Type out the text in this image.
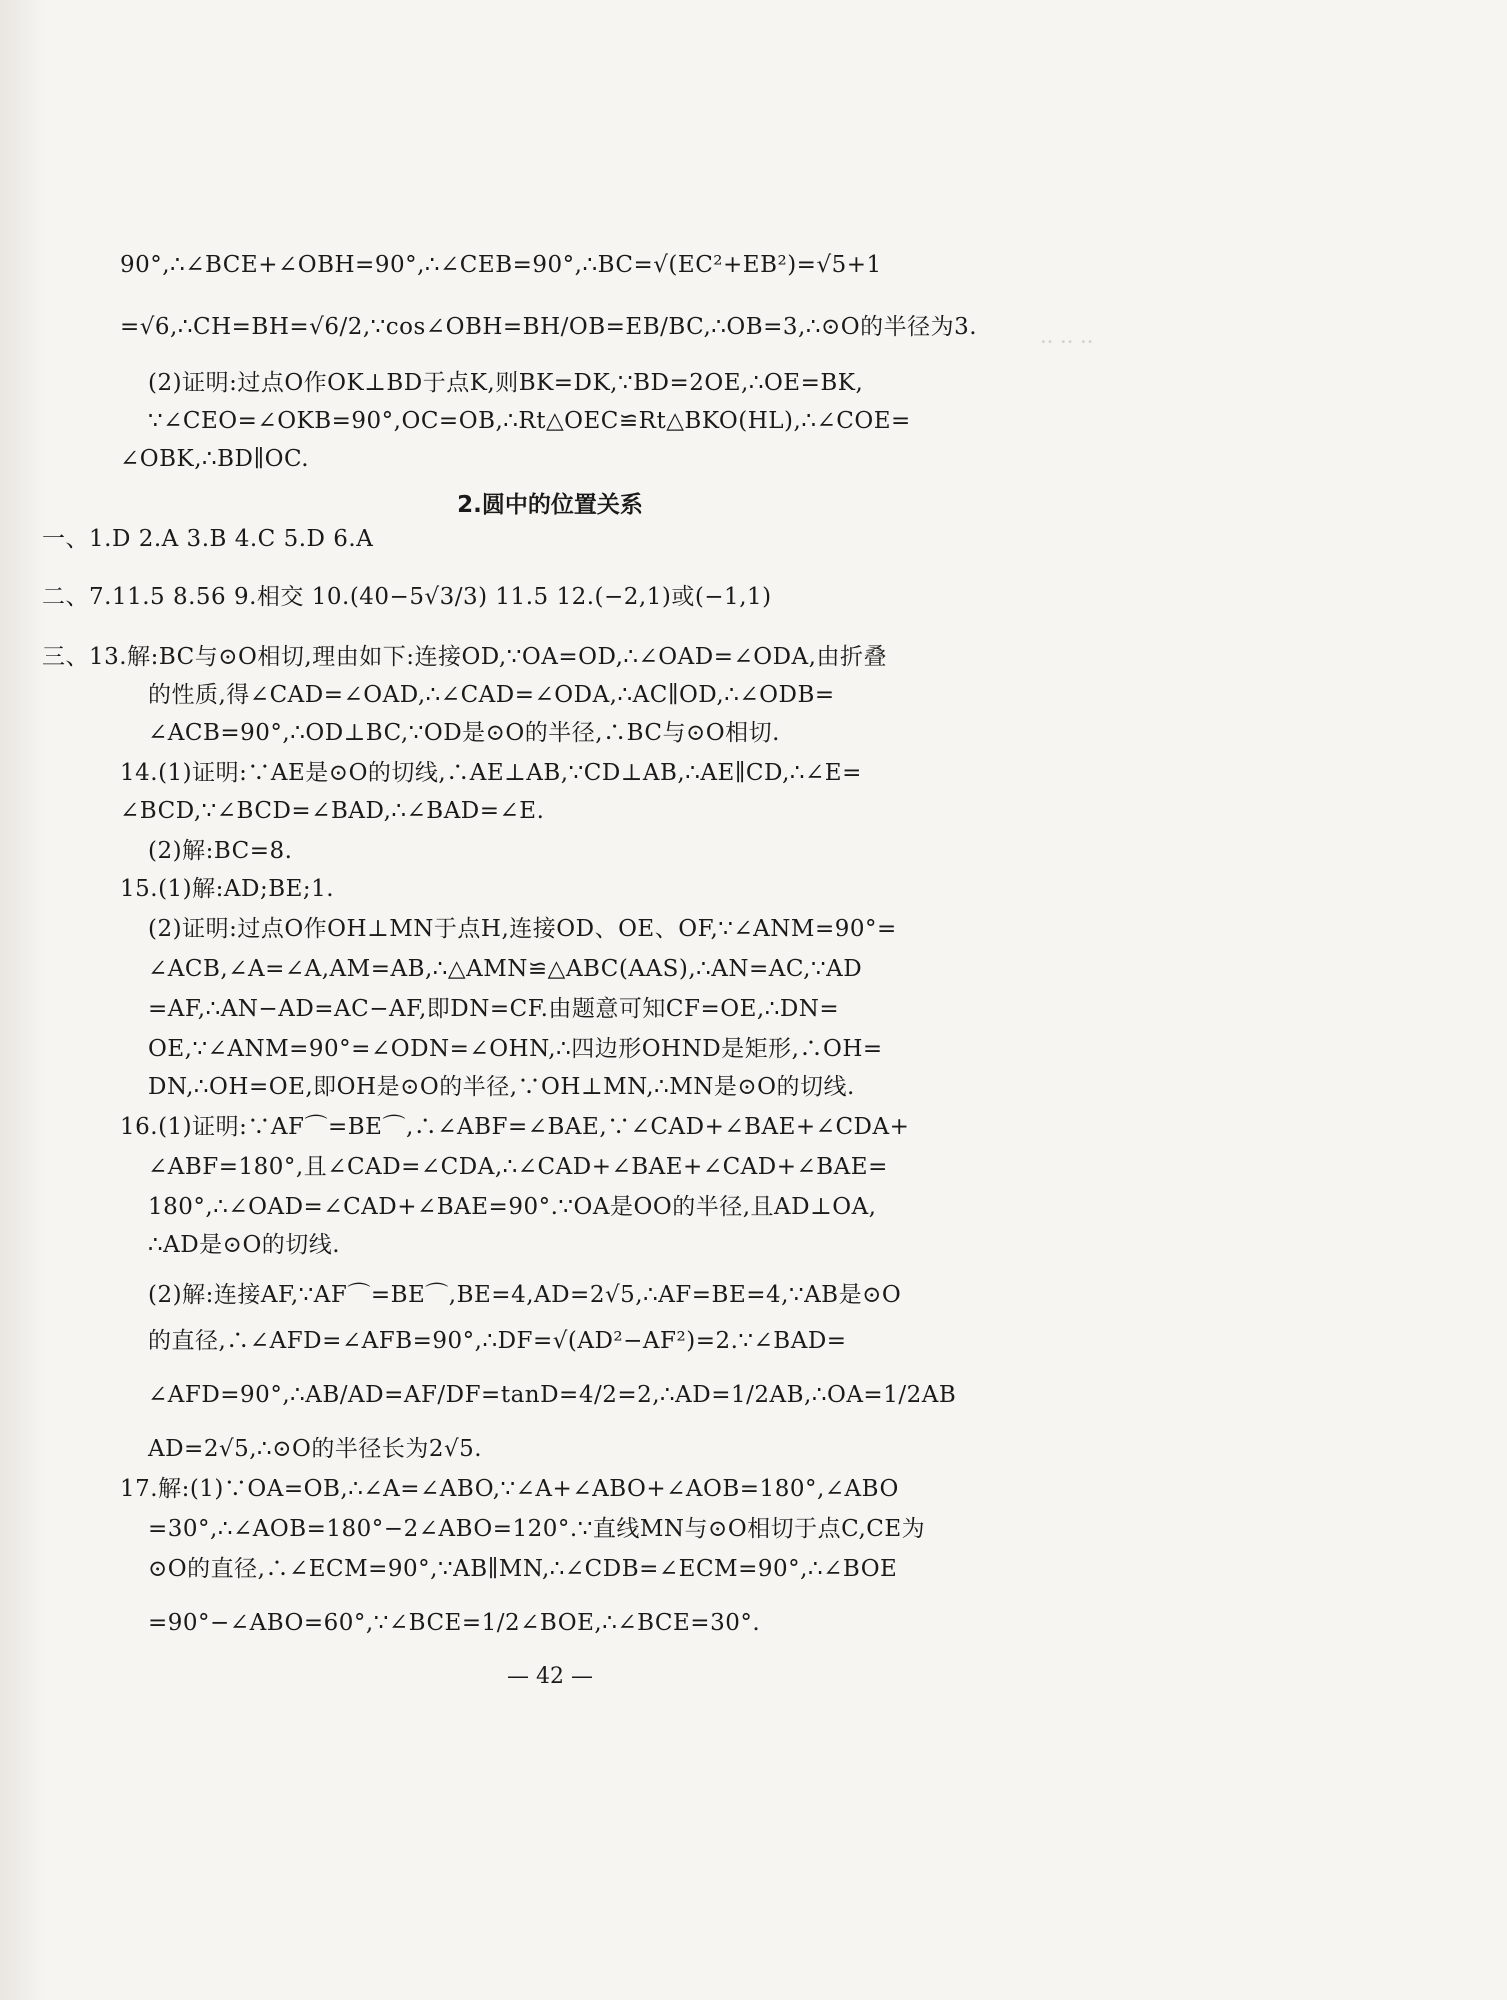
·· ·· ··
90°,∴∠BCE+∠OBH=90°,∴∠CEB=90°,∴BC=√(EC²+EB²)=√5+1
=√6,∴CH=BH=√6/2,∵cos∠OBH=BH/OB=EB/BC,∴OB=3,∴⊙O的半径为3.
(2)证明:过点O作OK⊥BD于点K,则BK=DK,∵BD=2OE,∴OE=BK,
∵∠CEO=∠OKB=90°,OC=OB,∴Rt△OEC≌Rt△BKO(HL),∴∠COE=
∠OBK,∴BD∥OC.
2.圆中的位置关系
一、1.D 2.A 3.B 4.C 5.D 6.A
二、7.11.5 8.56 9.相交 10.(40−5√3/3) 11.5 12.(−2,1)或(−1,1)
三、13.解:BC与⊙O相切,理由如下:连接OD,∵OA=OD,∴∠OAD=∠ODA,由折叠
的性质,得∠CAD=∠OAD,∴∠CAD=∠ODA,∴AC∥OD,∴∠ODB=
∠ACB=90°,∴OD⊥BC,∵OD是⊙O的半径,∴BC与⊙O相切.
14.(1)证明:∵AE是⊙O的切线,∴AE⊥AB,∵CD⊥AB,∴AE∥CD,∴∠E=
∠BCD,∵∠BCD=∠BAD,∴∠BAD=∠E.
(2)解:BC=8.
15.(1)解:AD;BE;1.
(2)证明:过点O作OH⊥MN于点H,连接OD、OE、OF,∵∠ANM=90°=
∠ACB,∠A=∠A,AM=AB,∴△AMN≌△ABC(AAS),∴AN=AC,∵AD
=AF,∴AN−AD=AC−AF,即DN=CF.由题意可知CF=OE,∴DN=
OE,∵∠ANM=90°=∠ODN=∠OHN,∴四边形OHND是矩形,∴OH=
DN,∴OH=OE,即OH是⊙O的半径,∵OH⊥MN,∴MN是⊙O的切线.
16.(1)证明:∵AF⌒=BE⌒,∴∠ABF=∠BAE,∵∠CAD+∠BAE+∠CDA+
∠ABF=180°,且∠CAD=∠CDA,∴∠CAD+∠BAE+∠CAD+∠BAE=
180°,∴∠OAD=∠CAD+∠BAE=90°.∵OA是OO的半径,且AD⊥OA,
∴AD是⊙O的切线.
(2)解:连接AF,∵AF⌒=BE⌒,BE=4,AD=2√5,∴AF=BE=4,∵AB是⊙O
的直径,∴∠AFD=∠AFB=90°,∴DF=√(AD²−AF²)=2.∵∠BAD=
∠AFD=90°,∴AB/AD=AF/DF=tanD=4/2=2,∴AD=1/2AB,∴OA=1/2AB
AD=2√5,∴⊙O的半径长为2√5.
17.解:(1)∵OA=OB,∴∠A=∠ABO,∵∠A+∠ABO+∠AOB=180°,∠ABO
=30°,∴∠AOB=180°−2∠ABO=120°.∵直线MN与⊙O相切于点C,CE为
⊙O的直径,∴∠ECM=90°,∵AB∥MN,∴∠CDB=∠ECM=90°,∴∠BOE
=90°−∠ABO=60°,∵∠BCE=1/2∠BOE,∴∠BCE=30°.
— 42 —
